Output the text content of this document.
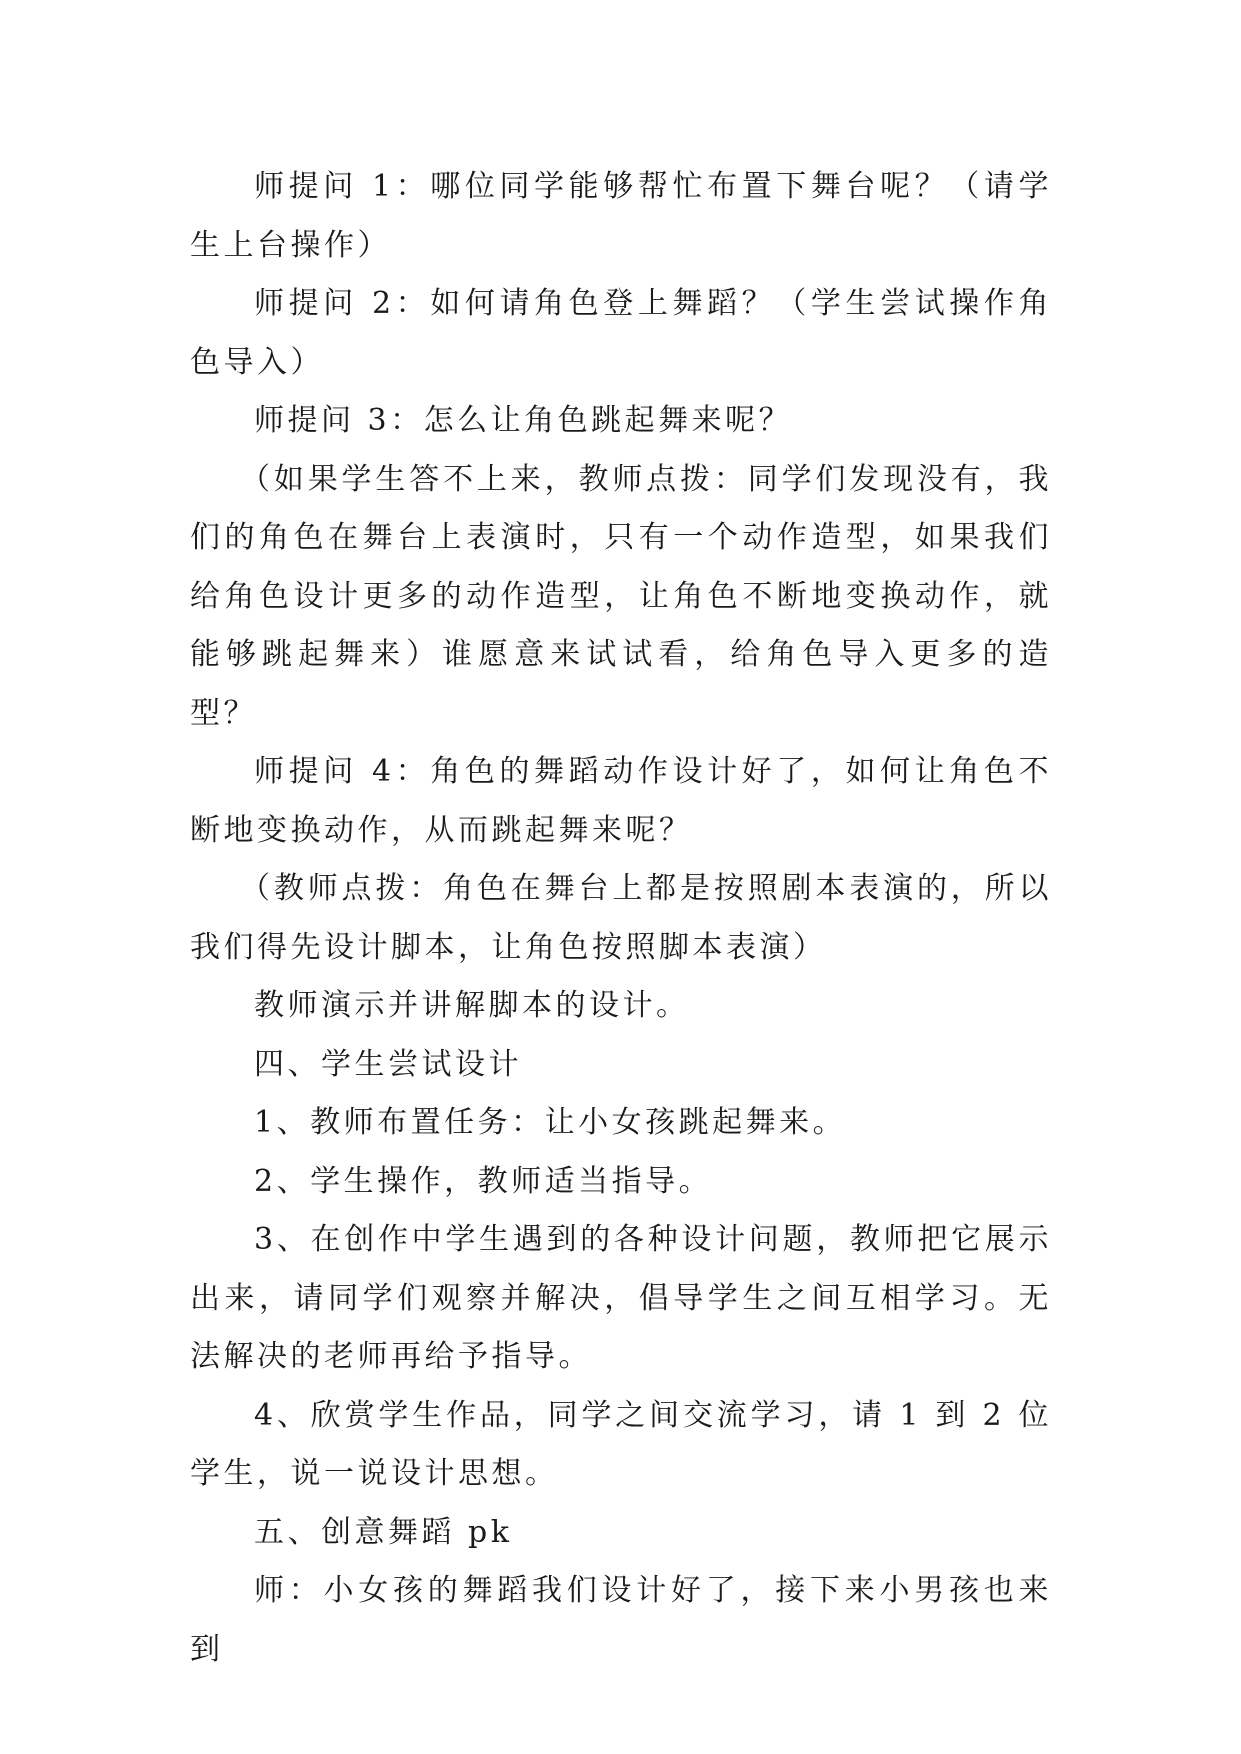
师提问 1：哪位同学能够帮忙布置下舞台呢？（请学生上台操作）

师提问 2：如何请角色登上舞蹈？（学生尝试操作角色导入）

师提问 3：怎么让角色跳起舞来呢？

（如果学生答不上来，教师点拨：同学们发现没有，我们的角色在舞台上表演时，只有一个动作造型，如果我们给角色设计更多的动作造型，让角色不断地变换动作，就能够跳起舞来）谁愿意来试试看，给角色导入更多的造型？

师提问 4：角色的舞蹈动作设计好了，如何让角色不断地变换动作，从而跳起舞来呢？

（教师点拨：角色在舞台上都是按照剧本表演的，所以我们得先设计脚本，让角色按照脚本表演）

教师演示并讲解脚本的设计。

四、学生尝试设计

1、教师布置任务：让小女孩跳起舞来。

2、学生操作，教师适当指导。

3、在创作中学生遇到的各种设计问题，教师把它展示出来，请同学们观察并解决，倡导学生之间互相学习。无法解决的老师再给予指导。

4、欣赏学生作品，同学之间交流学习，请 1 到 2 位学生，说一说设计思想。

五、创意舞蹈 pk

师：小女孩的舞蹈我们设计好了，接下来小男孩也来到
